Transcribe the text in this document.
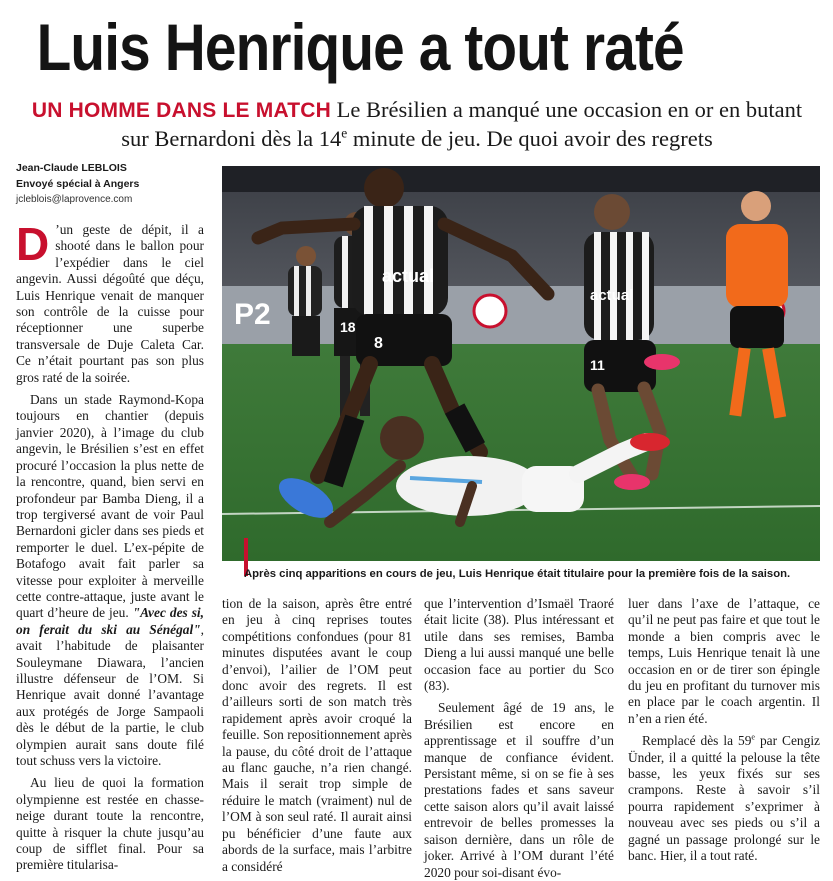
Luis Henrique a tout raté
UN HOMME DANS LE MATCH Le Brésilien a manqué une occasion en or en butant sur Bernardoni dès la 14e minute de jeu. De quoi avoir des regrets
Jean-Claude LEBLOIS
Envoyé spécial à Angers
jcleblois@laprovence.com
P2	18
actual
8
actual
11
Après cinq apparitions en cours de jeu, Luis Henrique était titulaire pour la première fois de la saison.

D ’un geste de dépit, il a shooté dans le ballon pour l’expédier dans le ciel angevin. Aussi dégoûté que déçu, Luis Henrique venait de manquer son contrôle de la cuisse pour réceptionner une superbe transversale de Duje Caleta Car. Ce n’était pourtant pas son plus gros raté de la soirée.

Dans un stade Raymond-Kopa toujours en chantier (depuis janvier 2020), à l’image du club angevin, le Brésilien s’est en effet procuré l’occasion la plus nette de la rencontre, quand, bien servi en profondeur par Bamba Dieng, il a trop tergiversé avant de voir Paul Bernardoni gicler dans ses pieds et remporter le duel. L’ex-pépite de Botafogo avait fait parler sa vitesse pour exploiter à merveille cette contre-attaque, juste avant le quart d’heure de jeu. "Avec des si, on ferait du ski au Sénégal", avait l’habitude de plaisanter Souleymane Diawara, l’ancien illustre défenseur de l’OM. Si Henrique avait donné l’avantage aux protégés de Jorge Sampaoli dès le début de la partie, le club olympien aurait sans doute filé tout schuss vers la victoire.

Au lieu de quoi la formation olympienne est restée en chasse-neige durant toute la rencontre, quitte à risquer la chute jusqu’au coup de sifflet final. Pour sa première titularisa-

tion de la saison, après être entré en jeu à cinq reprises toutes compétitions confondues (pour 81 minutes disputées avant le coup d’envoi), l’ailier de l’OM peut donc avoir des regrets. Il est d’ailleurs sorti de son match très rapidement après avoir croqué la feuille. Son repositionnement après la pause, du côté droit de l’attaque au flanc gauche, n’a rien changé. Mais il serait trop simple de réduire le match (vraiment) nul de l’OM à son seul raté. Il aurait ainsi pu bénéficier d’une faute aux abords de la surface, mais l’arbitre a considéré

que l’intervention d’Ismaël Traoré était licite (38). Plus intéressant et utile dans ses remises, Bamba Dieng a lui aussi manqué une belle occasion face au portier du Sco (83).

Seulement âgé de 19 ans, le Brésilien est encore en apprentissage et il souffre d’un manque de confiance évident. Persistant même, si on se fie à ses prestations fades et sans saveur cette saison alors qu’il avait laissé entrevoir de belles promesses la saison dernière, dans un rôle de joker. Arrivé à l’OM durant l’été 2020 pour soi-disant évo-

luer dans l’axe de l’attaque, ce qu’il ne peut pas faire et que tout le monde a bien compris avec le temps, Luis Henrique tenait là une occasion en or de tirer son épingle du jeu en profitant du turnover mis en place par le coach argentin. Il n’en a rien été.

Remplacé dès la 59e par Cengiz Ünder, il a quitté la pelouse la tête basse, les yeux fixés sur ses crampons. Reste à savoir s’il pourra rapidement s’exprimer à nouveau avec ses pieds ou s’il a gagné un passage prolongé sur le banc. Hier, il a tout raté.
